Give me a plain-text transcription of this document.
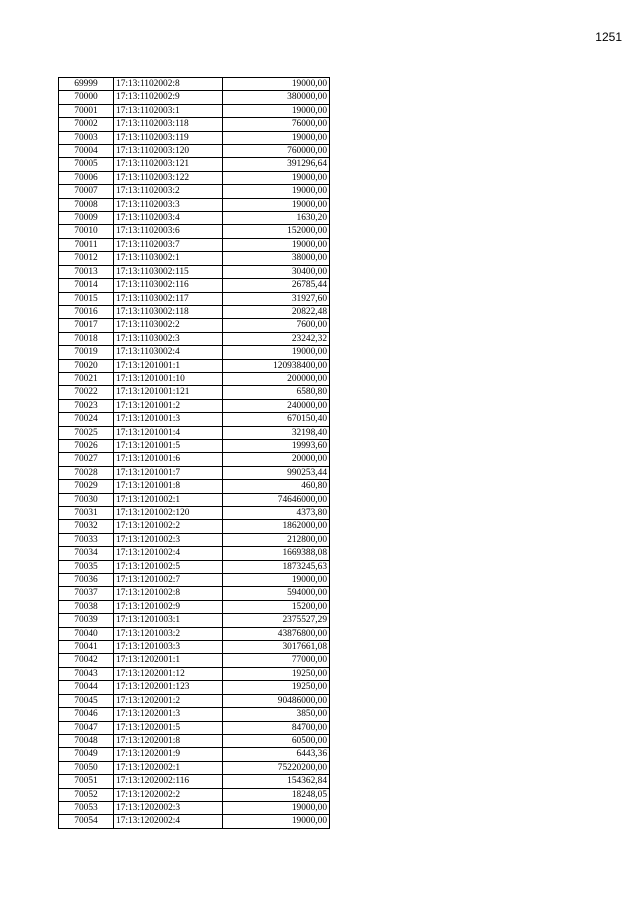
1251
69999	17:13:1102002:8	19000,00
70000	17:13:1102002:9	380000,00
70001	17:13:1102003:1	19000,00
70002	17:13:1102003:118	76000,00
70003	17:13:1102003:119	19000,00
70004	17:13:1102003:120	760000,00
70005	17:13:1102003:121	391296,64
70006	17:13:1102003:122	19000,00
70007	17:13:1102003:2	19000,00
70008	17:13:1102003:3	19000,00
70009	17:13:1102003:4	1630,20
70010	17:13:1102003:6	152000,00
70011	17:13:1102003:7	19000,00
70012	17:13:1103002:1	38000,00
70013	17:13:1103002:115	30400,00
70014	17:13:1103002:116	26785,44
70015	17:13:1103002:117	31927,60
70016	17:13:1103002:118	20822,48
70017	17:13:1103002:2	7600,00
70018	17:13:1103002:3	23242,32
70019	17:13:1103002:4	19000,00
70020	17:13:1201001:1	120938400,00
70021	17:13:1201001:10	200000,00
70022	17:13:1201001:121	6580,80
70023	17:13:1201001:2	240000,00
70024	17:13:1201001:3	670150,40
70025	17:13:1201001:4	32198,40
70026	17:13:1201001:5	19993,60
70027	17:13:1201001:6	20000,00
70028	17:13:1201001:7	990253,44
70029	17:13:1201001:8	460,80
70030	17:13:1201002:1	74646000,00
70031	17:13:1201002:120	4373,80
70032	17:13:1201002:2	1862000,00
70033	17:13:1201002:3	212800,00
70034	17:13:1201002:4	1669388,08
70035	17:13:1201002:5	1873245,63
70036	17:13:1201002:7	19000,00
70037	17:13:1201002:8	594000,00
70038	17:13:1201002:9	15200,00
70039	17:13:1201003:1	2375527,29
70040	17:13:1201003:2	43876800,00
70041	17:13:1201003:3	3017661,08
70042	17:13:1202001:1	77000,00
70043	17:13:1202001:12	19250,00
70044	17:13:1202001:123	19250,00
70045	17:13:1202001:2	90486000,00
70046	17:13:1202001:3	3850,00
70047	17:13:1202001:5	84700,00
70048	17:13:1202001:8	60500,00
70049	17:13:1202001:9	6443,36
70050	17:13:1202002:1	75220200,00
70051	17:13:1202002:116	154362,84
70052	17:13:1202002:2	18248,05
70053	17:13:1202002:3	19000,00
70054	17:13:1202002:4	19000,00
